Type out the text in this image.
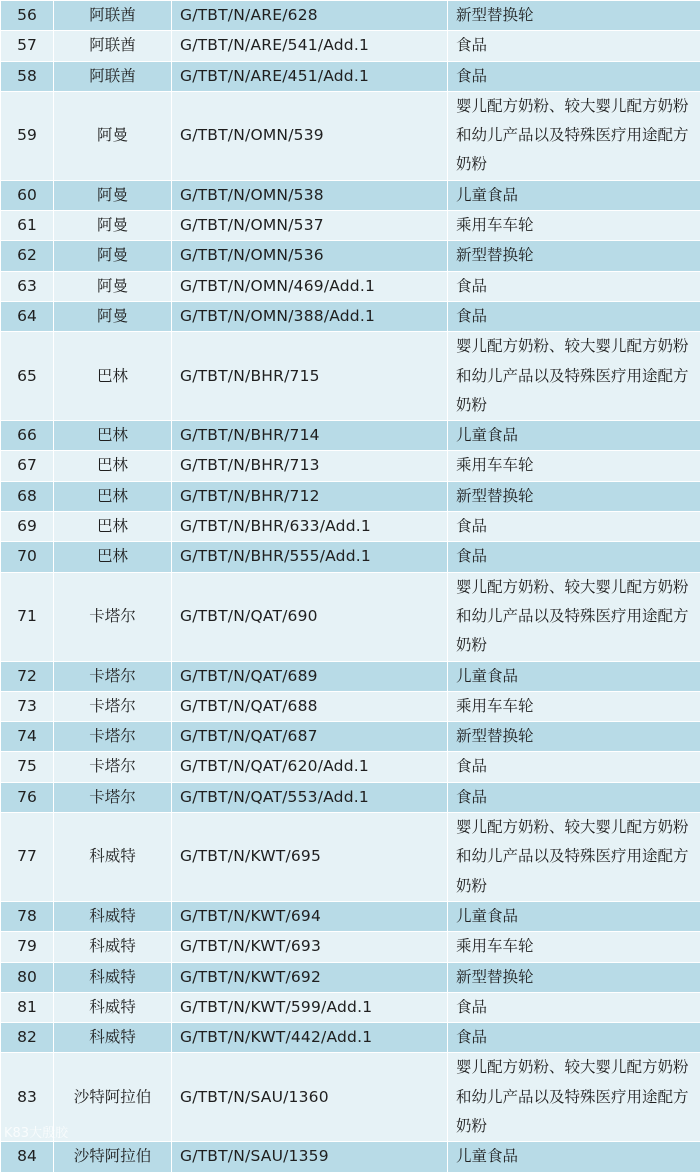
56	阿联酋	G/TBT/N/ARE/628	新型替换轮
57	阿联酋	G/TBT/N/ARE/541/Add.1	食品
58	阿联酋	G/TBT/N/ARE/451/Add.1	食品
59	阿曼	G/TBT/N/OMN/539	婴儿配方奶粉、较大婴儿配方奶粉和幼儿产品以及特殊医疗用途配方奶粉
60	阿曼	G/TBT/N/OMN/538	儿童食品
61	阿曼	G/TBT/N/OMN/537	乘用车车轮
62	阿曼	G/TBT/N/OMN/536	新型替换轮
63	阿曼	G/TBT/N/OMN/469/Add.1	食品
64	阿曼	G/TBT/N/OMN/388/Add.1	食品
65	巴林	G/TBT/N/BHR/715	婴儿配方奶粉、较大婴儿配方奶粉和幼儿产品以及特殊医疗用途配方奶粉
66	巴林	G/TBT/N/BHR/714	儿童食品
67	巴林	G/TBT/N/BHR/713	乘用车车轮
68	巴林	G/TBT/N/BHR/712	新型替换轮
69	巴林	G/TBT/N/BHR/633/Add.1	食品
70	巴林	G/TBT/N/BHR/555/Add.1	食品
71	卡塔尔	G/TBT/N/QAT/690	婴儿配方奶粉、较大婴儿配方奶粉和幼儿产品以及特殊医疗用途配方奶粉
72	卡塔尔	G/TBT/N/QAT/689	儿童食品
73	卡塔尔	G/TBT/N/QAT/688	乘用车车轮
74	卡塔尔	G/TBT/N/QAT/687	新型替换轮
75	卡塔尔	G/TBT/N/QAT/620/Add.1	食品
76	卡塔尔	G/TBT/N/QAT/553/Add.1	食品
77	科威特	G/TBT/N/KWT/695	婴儿配方奶粉、较大婴儿配方奶粉和幼儿产品以及特殊医疗用途配方奶粉
78	科威特	G/TBT/N/KWT/694	儿童食品
79	科威特	G/TBT/N/KWT/693	乘用车车轮
80	科威特	G/TBT/N/KWT/692	新型替换轮
81	科威特	G/TBT/N/KWT/599/Add.1	食品
82	科威特	G/TBT/N/KWT/442/Add.1	食品
83	沙特阿拉伯	G/TBT/N/SAU/1360	婴儿配方奶粉、较大婴儿配方奶粉和幼儿产品以及特殊医疗用途配方奶粉
84	沙特阿拉伯	G/TBT/N/SAU/1359	儿童食品
K83大殷胶
